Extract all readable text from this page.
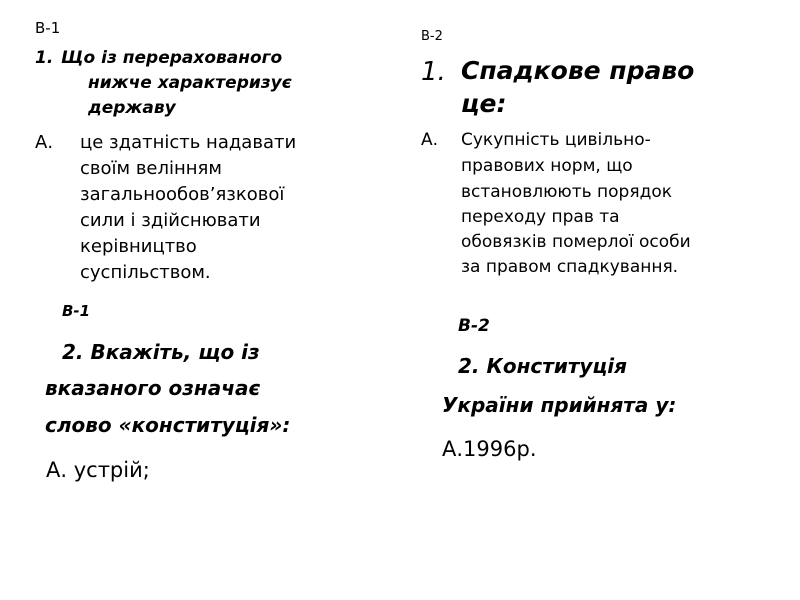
В-1
1. Що із перерахованого
нижче характеризує
державу
А. це здатність надавати
своїм велінням
загальнообов’язкової
сили і здійснювати
керівництво
суспільством.
В-2
1. Спадкове право
це:
А. Сукупність цивільно-
правових норм, що
встановлюють порядок
переходу прав та
обовязків померлої особи
за правом спадкування.
В-1
2. Вкажіть, що із
вказаного означає
слово «конституція»:
А. устрій;
В-2
2. Конституція
України прийнята у:
А.1996р.
